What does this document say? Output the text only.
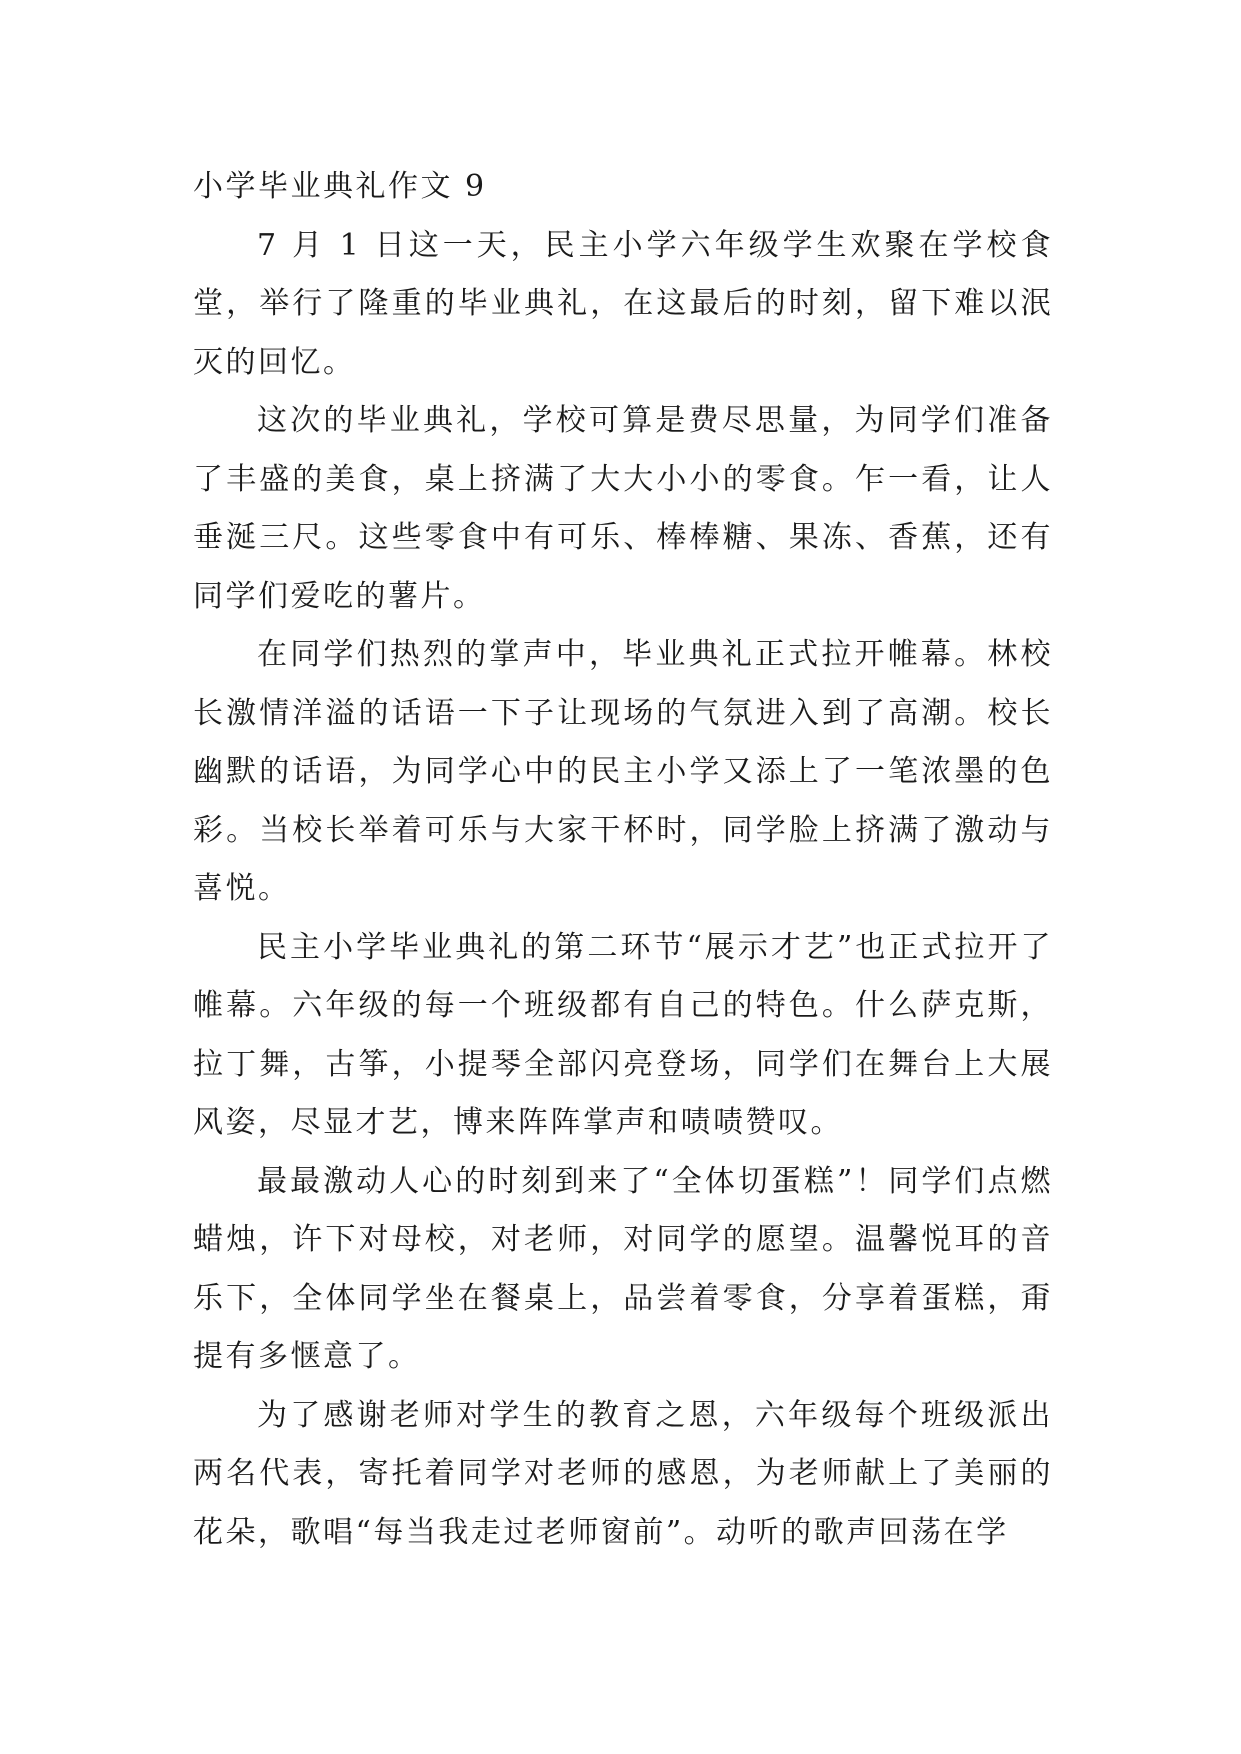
小学毕业典礼作文 9

7 月 1 日这一天，民主小学六年级学生欢聚在学校食堂，举行了隆重的毕业典礼，在这最后的时刻，留下难以泯灭的回忆。

这次的毕业典礼，学校可算是费尽思量，为同学们准备了丰盛的美食，桌上挤满了大大小小的零食。乍一看，让人垂涎三尺。这些零食中有可乐、棒棒糖、果冻、香蕉，还有同学们爱吃的薯片。

在同学们热烈的掌声中，毕业典礼正式拉开帷幕。林校长激情洋溢的话语一下子让现场的气氛进入到了高潮。校长幽默的话语，为同学心中的民主小学又添上了一笔浓墨的色彩。当校长举着可乐与大家干杯时，同学脸上挤满了激动与喜悦。

民主小学毕业典礼的第二环节“展示才艺”也正式拉开了帷幕。六年级的每一个班级都有自己的特色。什么萨克斯，拉丁舞，古筝，小提琴全部闪亮登场，同学们在舞台上大展风姿，尽显才艺，博来阵阵掌声和啧啧赞叹。

最最激动人心的时刻到来了“全体切蛋糕”！同学们点燃蜡烛，许下对母校，对老师，对同学的愿望。温馨悦耳的音乐下，全体同学坐在餐桌上，品尝着零食，分享着蛋糕，甭提有多惬意了。

为了感谢老师对学生的教育之恩，六年级每个班级派出两名代表，寄托着同学对老师的感恩，为老师献上了美丽的花朵，歌唱“每当我走过老师窗前”。动听的歌声回荡在学
